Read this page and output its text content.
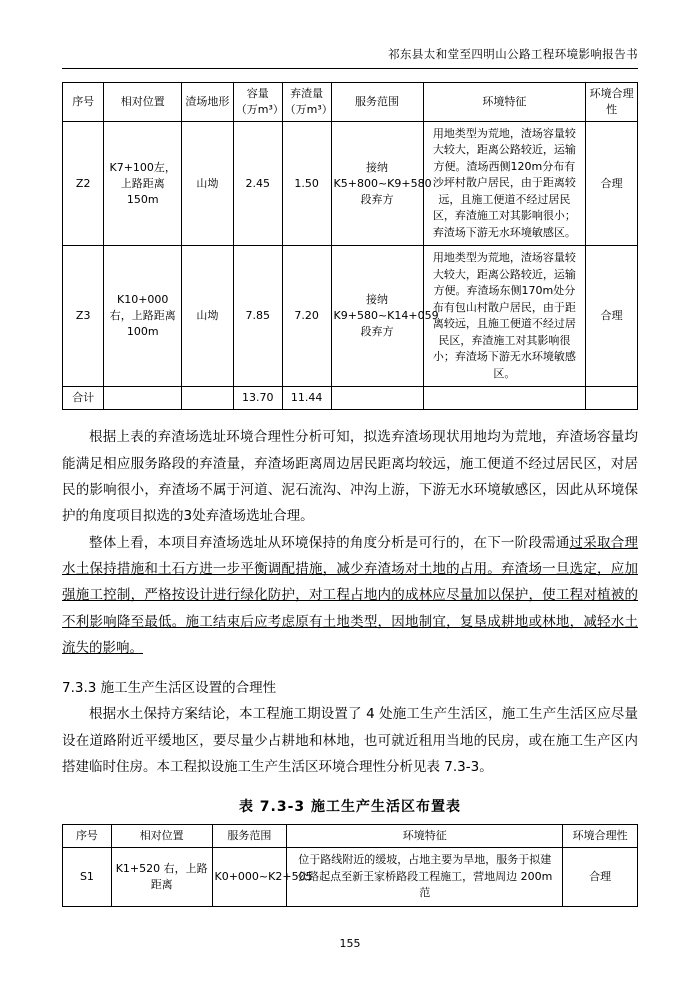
祁东县太和堂至四明山公路工程环境影响报告书
序号	相对位置	渣场地形	容量（万m³）	弃渣量（万m³）	服务范围	环境特征	环境合理性
Z2	K7+100左，上路距离150m	山坳	2.45	1.50	接纳K5+800~K9+580段弃方	用地类型为荒地，渣场容量较大较大，距离公路较近，运输方便。渣场西侧120m分布有沙坪村散户居民，由于距离较远，且施工便道不经过居民区，弃渣施工对其影响很小；弃渣场下游无水环境敏感区。	合理
Z3	K10+000右，上路距离100m	山坳	7.85	7.20	接纳K9+580~K14+059段弃方	用地类型为荒地，渣场容量较大较大，距离公路较近，运输方便。弃渣场东侧170m处分布有包山村散户居民，由于距离较远，且施工便道不经过居民区，弃渣施工对其影响很小；弃渣场下游无水环境敏感区。	合理
合计			13.70	11.44			

根据上表的弃渣场选址环境合理性分析可知，拟选弃渣场现状用地均为荒地，弃渣场容量均能满足相应服务路段的弃渣量，弃渣场距离周边居民距离均较远，施工便道不经过居民区，对居民的影响很小，弃渣场不属于河道、泥石流沟、冲沟上游，下游无水环境敏感区，因此从环境保护的角度项目拟选的3处弃渣场选址合理。

整体上看，本项目弃渣场选址从环境保持的角度分析是可行的，在下一阶段需通过采取合理水土保持措施和土石方进一步平衡调配措施，减少弃渣场对土地的占用。弃渣场一旦选定，应加强施工控制，严格按设计进行绿化防护，对工程占地内的成林应尽量加以保护，使工程对植被的不利影响降至最低。施工结束后应考虑原有土地类型，因地制宜，复垦成耕地或林地，减轻水土流失的影响。

7.3.3 施工生产生活区设置的合理性

根据水土保持方案结论，本工程施工期设置了 4 处施工生产生活区，施工生产生活区应尽量设在道路附近平缓地区，要尽量少占耕地和林地，也可就近租用当地的民房，或在施工生产区内搭建临时住房。本工程拟设施工生产生活区环境合理性分析见表 7.3-3。

表 7.3-3 施工生产生活区布置表
序号	相对位置	服务范围	环境特征	环境合理性
S1	K1+520 右，上路距离	K0+000~K2+505	位于路线附近的缓坡，占地主要为旱地，服务于拟建公路起点至新王家桥路段工程施工，营地周边 200m 范	合理
155
